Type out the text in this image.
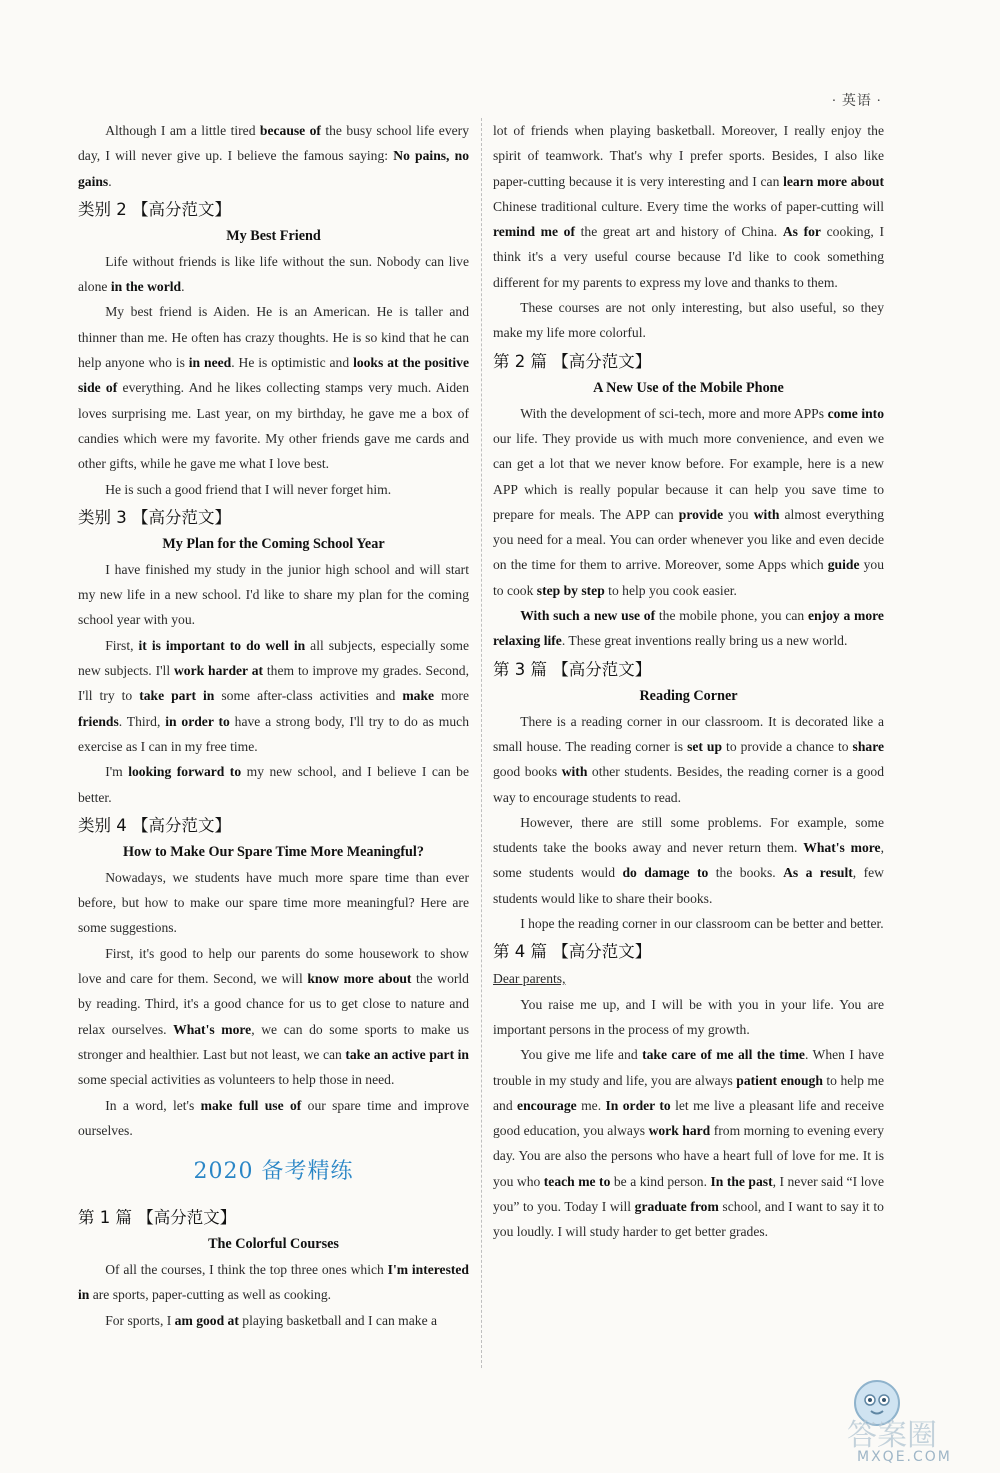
· 英语 ·

Although I am a little tired because of the busy school life every day, I will never give up. I believe the famous saying: No pains, no gains.

类别 2 【高分范文】
My Best Friend

Life without friends is like life without the sun. Nobody can live alone in the world.

My best friend is Aiden. He is an American. He is taller and thinner than me. He often has crazy thoughts. He is so kind that he can help anyone who is in need. He is optimistic and looks at the positive side of everything. And he likes collecting stamps very much. Aiden loves surprising me. Last year, on my birthday, he gave me a box of candies which were my favorite. My other friends gave me cards and other gifts, while he gave me what I love best.

He is such a good friend that I will never forget him.

类别 3 【高分范文】
My Plan for the Coming School Year

I have finished my study in the junior high school and will start my new life in a new school. I'd like to share my plan for the coming school year with you.

First, it is important to do well in all subjects, especially some new subjects. I'll work harder at them to improve my grades. Second, I'll try to take part in some after-class activities and make more friends. Third, in order to have a strong body, I'll try to do as much exercise as I can in my free time.

I'm looking forward to my new school, and I believe I can be better.

类别 4 【高分范文】
How to Make Our Spare Time More Meaningful?

Nowadays, we students have much more spare time than ever before, but how to make our spare time more meaningful? Here are some suggestions.

First, it's good to help our parents do some housework to show love and care for them. Second, we will know more about the world by reading. Third, it's a good chance for us to get close to nature and relax ourselves. What's more, we can do some sports to make us stronger and healthier. Last but not least, we can take an active part in some special activities as volunteers to help those in need.

In a word, let's make full use of our spare time and improve ourselves.

2020 备考精练
第 1 篇 【高分范文】
The Colorful Courses

Of all the courses, I think the top three ones which I'm interested in are sports, paper-cutting as well as cooking.

For sports, I am good at playing basketball and I can make a

lot of friends when playing basketball. Moreover, I really enjoy the spirit of teamwork. That's why I prefer sports. Besides, I also like paper-cutting because it is very interesting and I can learn more about Chinese traditional culture. Every time the works of paper-cutting will remind me of the great art and history of China. As for cooking, I think it's a very useful course because I'd like to cook something different for my parents to express my love and thanks to them.

These courses are not only interesting, but also useful, so they make my life more colorful.

第 2 篇 【高分范文】
A New Use of the Mobile Phone

With the development of sci-tech, more and more APPs come into our life. They provide us with much more convenience, and even we can get a lot that we never know before. For example, here is a new APP which is really popular because it can help you save time to prepare for meals. The APP can provide you with almost everything you need for a meal. You can order whenever you like and even decide on the time for them to arrive. Moreover, some Apps which guide you to cook step by step to help you cook easier.

With such a new use of the mobile phone, you can enjoy a more relaxing life. These great inventions really bring us a new world.

第 3 篇 【高分范文】
Reading Corner

There is a reading corner in our classroom. It is decorated like a small house. The reading corner is set up to provide a chance to share good books with other students. Besides, the reading corner is a good way to encourage students to read.

However, there are still some problems. For example, some students take the books away and never return them. What's more, some students would do damage to the books. As a result, few students would like to share their books.

I hope the reading corner in our classroom can be better and better.

第 4 篇 【高分范文】

Dear parents,

You raise me up, and I will be with you in your life. You are important persons in the process of my growth.

You give me life and take care of me all the time. When I have trouble in my study and life, you are always patient enough to help me and encourage me. In order to let me live a pleasant life and receive good education, you always work hard from morning to evening every day. You are also the persons who have a heart full of love for me. It is you who teach me to be a kind person. In the past, I never said “I love you” to you. Today I will graduate from school, and I want to say it to you loudly. I will study harder to get better grades.

答案圈
MXQE.COM
